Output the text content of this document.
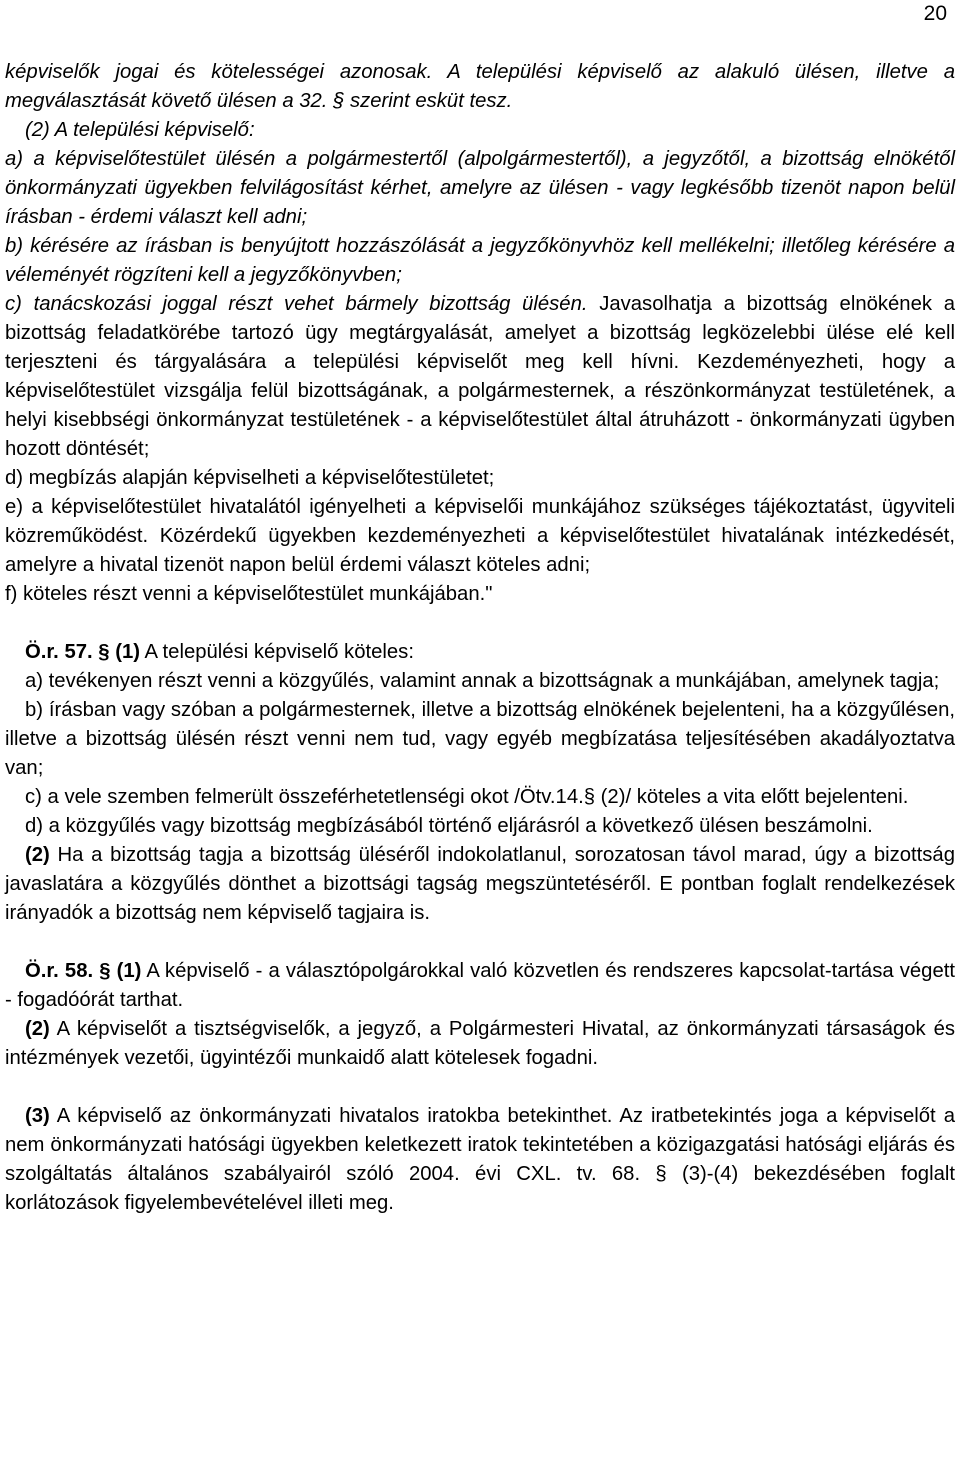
20

képviselők jogai és kötelességei azonosak. A települési képviselő az alakuló ülésen, illetve a megválasztását követő ülésen a 32. § szerint esküt tesz.

(2) A települési képviselő:

a) a képviselőtestület ülésén a polgármestertől (alpolgármestertől), a jegyzőtől, a bizottság elnökétől önkormányzati ügyekben felvilágosítást kérhet, amelyre az ülésen - vagy legkésőbb tizenöt napon belül írásban - érdemi választ kell adni;

b) kérésére az írásban is benyújtott hozzászólását a jegyzőkönyvhöz kell mellékelni; illetőleg kérésére a véleményét rögzíteni kell a jegyzőkönyvben;

c) tanácskozási joggal részt vehet bármely bizottság ülésén. Javasolhatja a bizottság elnökének a bizottság feladatkörébe tartozó ügy megtárgyalását, amelyet a bizottság legközelebbi ülése elé kell terjeszteni és tárgyalására a települési képviselőt meg kell hívni. Kezdeményezheti, hogy a képviselőtestület vizsgálja felül bizottságának, a polgármesternek, a részönkormányzat testületének, a helyi kisebbségi önkormányzat testületének - a képviselőtestület által átruházott - önkormányzati ügyben hozott döntését;

d) megbízás alapján képviselheti a képviselőtestületet;

e) a képviselőtestület hivatalától igényelheti a képviselői munkájához szükséges tájékoztatást, ügyviteli közreműködést. Közérdekű ügyekben kezdeményezheti a képviselőtestület hivatalának intézkedését, amelyre a hivatal tizenöt napon belül érdemi választ köteles adni;

f) köteles részt venni a képviselőtestület munkájában."

Ö.r. 57. § (1) A települési képviselő köteles:

a) tevékenyen részt venni a közgyűlés, valamint annak a bizottságnak a munkájában, amelynek tagja;

b) írásban vagy szóban a polgármesternek, illetve a bizottság elnökének bejelenteni, ha a közgyűlésen, illetve a bizottság ülésén részt venni nem tud, vagy egyéb megbízatása teljesítésében akadályoztatva van;

c) a vele szemben felmerült összeférhetetlenségi okot /Ötv.14.§ (2)/ köteles a vita előtt bejelenteni.

d) a közgyűlés vagy bizottság megbízásából történő eljárásról a következő ülésen beszámolni.

(2) Ha a bizottság tagja a bizottság üléséről indokolatlanul, sorozatosan távol marad, úgy a bizottság javaslatára a közgyűlés dönthet a bizottsági tagság megszüntetéséről. E pontban foglalt rendelkezések irányadók a bizottság nem képviselő tagjaira is.

Ö.r. 58. § (1) A képviselő - a választópolgárokkal való közvetlen és rendszeres kapcsolat-tartása végett - fogadóórát tarthat.

(2) A képviselőt a tisztségviselők, a jegyző, a Polgármesteri Hivatal, az önkormányzati társaságok és intézmények vezetői, ügyintézői munkaidő alatt kötelesek fogadni.

(3) A képviselő az önkormányzati hivatalos iratokba betekinthet. Az iratbetekintés joga a képviselőt a nem önkormányzati hatósági ügyekben keletkezett iratok tekintetében a közigazgatási hatósági eljárás és szolgáltatás általános szabályairól szóló 2004. évi CXL. tv. 68. § (3)-(4) bekezdésében foglalt korlátozások figyelembevételével illeti meg.
